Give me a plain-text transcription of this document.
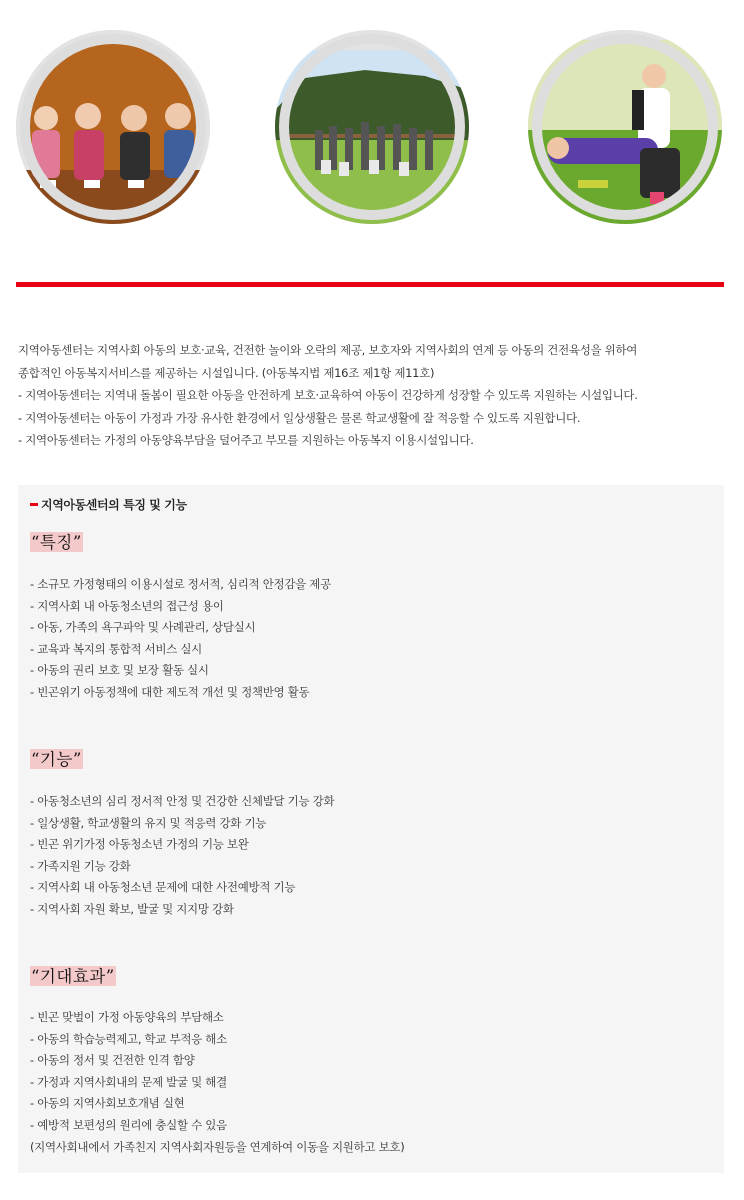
지역아동센터는 지역사회 아동의 보호·교육, 건전한 놀이와 오락의 제공, 보호자와 지역사회의 연계 등 아동의 건전육성을 위하여

종합적인 아동복지서비스를 제공하는 시설입니다. (아동복지법 제16조 제1항 제11호)

- 지역아동센터는 지역내 돌봄이 필요한 아동을 안전하게 보호·교육하여 아동이 건강하게 성장할 수 있도록 지원하는 시설입니다.

- 지역아동센터는 아동이 가정과 가장 유사한 환경에서 일상생활은 물론 학교생활에 잘 적응할 수 있도록 지원합니다.

- 지역아동센터는 가정의 아동양육부담을 덜어주고 부모를 지원하는 아동복지 이용시설입니다.

지역아동센터의 특징 및 기능
“특징”
- 소규모 가정형태의 이용시설로 정서적, 심리적 안정감을 제공
- 지역사회 내 아동청소년의 접근성 용이
- 아동, 가족의 욕구파악 및 사례관리, 상담실시
- 교육과 복지의 통합적 서비스 실시
- 아동의 권리 보호 및 보장 활동 실시
- 빈곤위기 아동정책에 대한 제도적 개선 및 정책반영 활동
“기능”
- 아동청소년의 심리 정서적 안정 및 건강한 신체발달 기능 강화
- 일상생활, 학교생활의 유지 및 적응력 강화 기능
- 빈곤 위기가정 아동청소년 가정의 기능 보완
- 가족지원 기능 강화
- 지역사회 내 아동청소년 문제에 대한 사전예방적 기능
- 지역사회 자원 확보, 발굴 및 지지망 강화
“기대효과”
- 빈곤 맞벌이 가정 아동양육의 부담해소
- 아동의 학습능력제고, 학교 부적응 해소
- 아동의 정서 및 건전한 인격 함양
- 가정과 지역사회내의 문제 발굴 및 해결
- 아동의 지역사회보호개념 실현
- 예방적 보편성의 원리에 충실할 수 있음
(지역사회내에서 가족친지 지역사회자원등을 연계하여 이동을 지원하고 보호)
